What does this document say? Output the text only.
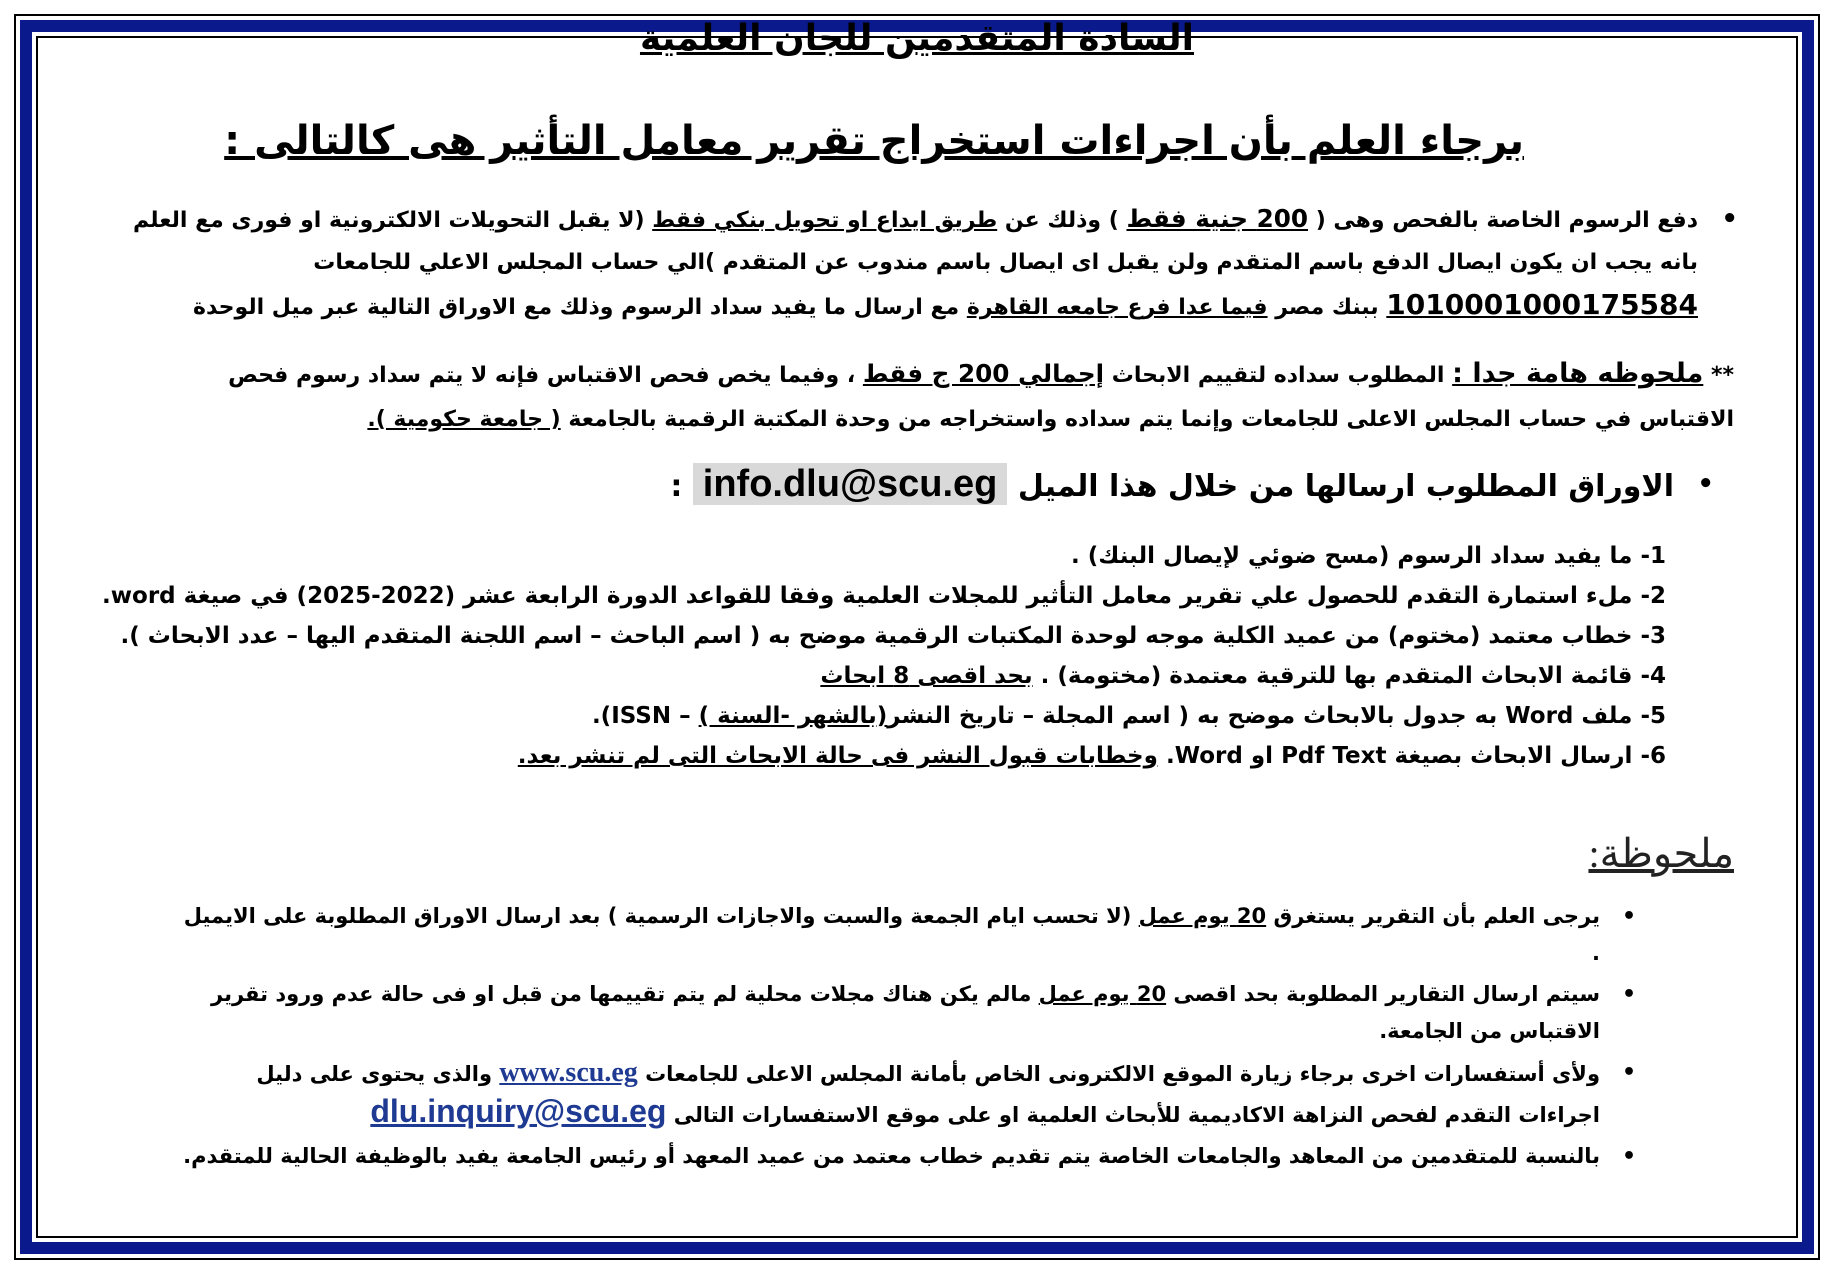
السادة المتقدمين للجان العلمية
برجاء العلم بأن اجراءات استخراج تقرير معامل التأثير هى كالتالى :
• دفع الرسوم الخاصة بالفحص وهى ( 200 جنية فقط ) وذلك عن طريق ايداع او تحويل بنكي فقط (لا يقبل التحويلات الالكترونية او فورى مع العلم بانه يجب ان يكون ايصال الدفع باسم المتقدم ولن يقبل اى ايصال باسم مندوب عن المتقدم )الي حساب المجلس الاعلي للجامعات 1010001000175584 ببنك مصر فيما عدا فرع جامعه القاهرة مع ارسال ما يفيد سداد الرسوم وذلك مع الاوراق التالية عبر ميل الوحدة
** ملحوظه هامة جدا : المطلوب سداده لتقييم الابحاث إجمالي 200 ج فقط ، وفيما يخص فحص الاقتباس فإنه لا يتم سداد رسوم فحص الاقتباس في حساب المجلس الاعلى للجامعات وإنما يتم سداده واستخراجه من وحدة المكتبة الرقمية بالجامعة ( جامعة حكومية ).
• الاوراق المطلوب ارسالها من خلال هذا الميل info.dlu@scu.eg :
1- ما يفيد سداد الرسوم (مسح ضوئي لإيصال البنك) .
2- ملء استمارة التقدم للحصول علي تقرير معامل التأثير للمجلات العلمية وفقا للقواعد الدورة الرابعة عشر (2022-2025) في صيغة word.
3- خطاب معتمد (مختوم) من عميد الكلية موجه لوحدة المكتبات الرقمية موضح به ( اسم الباحث – اسم اللجنة المتقدم اليها – عدد الابحاث ).
4- قائمة الابحاث المتقدم بها للترقية معتمدة (مختومة) . بحد اقصى 8 ابحاث
5- ملف Word به جدول بالابحاث موضح به ( اسم المجلة – تاريخ النشر(بالشهر -السنة ) – ISSN).
6- ارسال الابحاث بصيغة Pdf Text او Word. وخطابات قبول النشر فى حالة الابحاث التى لم تنشر بعد.
ملحوظة:
• يرجى العلم بأن التقرير يستغرق 20 يوم عمل (لا تحسب ايام الجمعة والسبت والاجازات الرسمية ) بعد ارسال الاوراق المطلوبة على الايميل .
• سيتم ارسال التقارير المطلوبة بحد اقصى 20 يوم عمل مالم يكن هناك مجلات محلية لم يتم تقييمها من قبل او فى حالة عدم ورود تقرير الاقتباس من الجامعة.
• ولأى أستفسارات اخرى برجاء زيارة الموقع الالكترونى الخاص بأمانة المجلس الاعلى للجامعات www.scu.eg والذى يحتوى على دليل اجراءات التقدم لفحص النزاهة الاكاديمية للأبحاث العلمية او على موقع الاستفسارات التالى dlu.inquiry@scu.eg
• بالنسبة للمتقدمين من المعاهد والجامعات الخاصة يتم تقديم خطاب معتمد من عميد المعهد أو رئيس الجامعة يفيد بالوظيفة الحالية للمتقدم.
